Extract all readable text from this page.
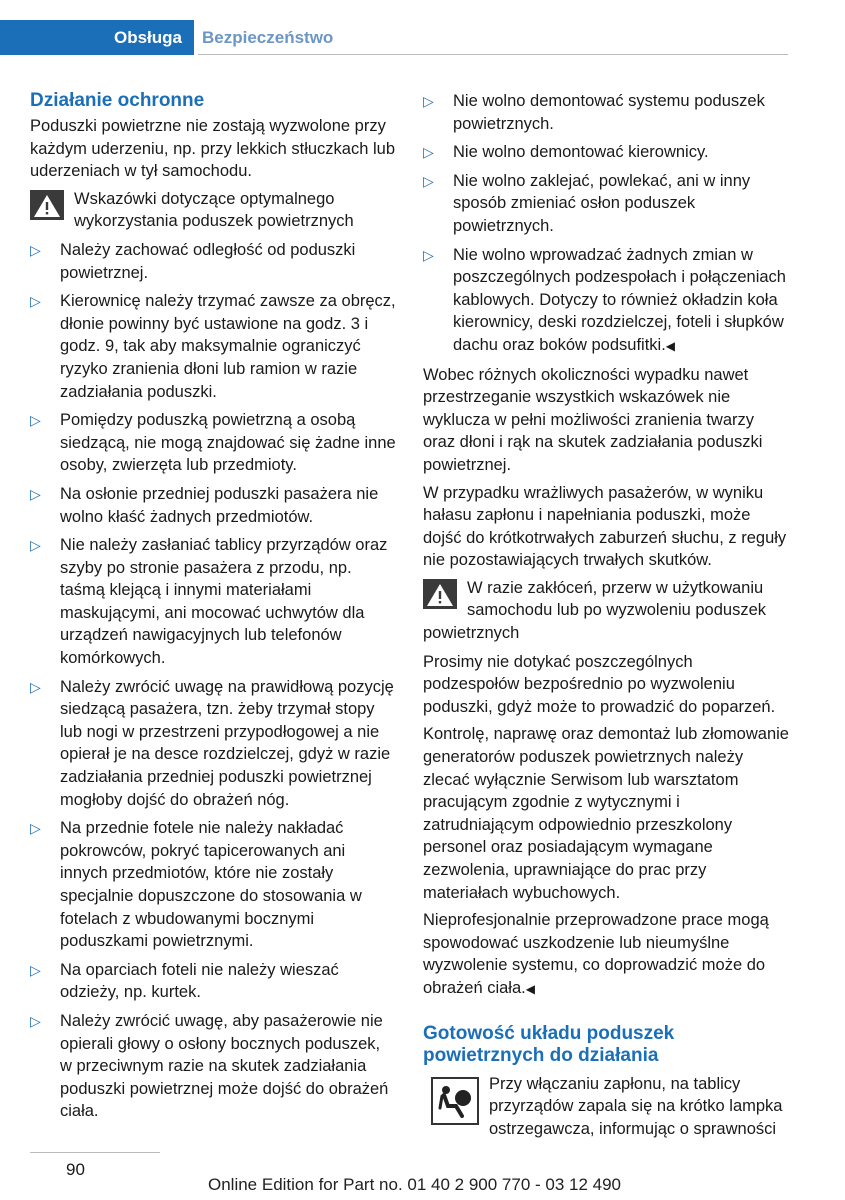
Obsługa	Bezpieczeństwo
Działanie ochronne

Poduszki powietrzne nie zostają wyzwolone przy każdym uderzeniu, np. przy lekkich stłuczkach lub uderzeniach w tył samochodu.

Wskazówki dotyczące optymalnego wykorzystania poduszek powietrznych
▷ Należy zachować odległość od poduszki powietrznej.
▷ Kierownicę należy trzymać zawsze za obręcz, dłonie powinny być ustawione na godz. 3 i godz. 9, tak aby maksymalnie ograniczyć ryzyko zranienia dłoni lub ramion w razie zadziałania poduszki.
▷ Pomiędzy poduszką powietrzną a osobą siedzącą, nie mogą znajdować się żadne inne osoby, zwierzęta lub przedmioty.
▷ Na osłonie przedniej poduszki pasażera nie wolno kłaść żadnych przedmiotów.
▷ Nie należy zasłaniać tablicy przyrządów oraz szyby po stronie pasażera z przodu, np. taśmą klejącą i innymi materiałami maskującymi, ani mocować uchwytów dla urządzeń nawigacyjnych lub telefonów komórkowych.
▷ Należy zwrócić uwagę na prawidłową pozycję siedzącą pasażera, tzn. żeby trzymał stopy lub nogi w przestrzeni przypodłogowej a nie opierał je na desce rozdzielczej, gdyż w razie zadziałania przedniej poduszki powietrznej mogłoby dojść do obrażeń nóg.
▷ Na przednie fotele nie należy nakładać pokrowców, pokryć tapicerowanych ani innych przedmiotów, które nie zostały specjalnie dopuszczone do stosowania w fotelach z wbudowanymi bocznymi poduszkami powietrznymi.
▷ Na oparciach foteli nie należy wieszać odzieży, np. kurtek.
▷ Należy zwrócić uwagę, aby pasażerowie nie opierali głowy o osłony bocznych poduszek, w przeciwnym razie na skutek zadziałania poduszki powietrznej może dojść do obrażeń ciała.
▷ Nie wolno demontować systemu poduszek powietrznych.
▷ Nie wolno demontować kierownicy.
▷ Nie wolno zaklejać, powlekać, ani w inny sposób zmieniać osłon poduszek powietrznych.
▷ Nie wolno wprowadzać żadnych zmian w poszczególnych podzespołach i połączeniach kablowych. Dotyczy to również okładzin koła kierownicy, deski rozdzielczej, foteli i słupków dachu oraz boków podsufitki.◀

Wobec różnych okoliczności wypadku nawet przestrzeganie wszystkich wskazówek nie wyklucza w pełni możliwości zranienia twarzy oraz dłoni i rąk na skutek zadziałania poduszki powietrznej.

W przypadku wrażliwych pasażerów, w wyniku hałasu zapłonu i napełniania poduszki, może dojść do krótkotrwałych zaburzeń słuchu, z reguły nie pozostawiających trwałych skutków.

W razie zakłóceń, przerw w użytkowaniu samochodu lub po wyzwoleniu poduszek powietrznych

Prosimy nie dotykać poszczególnych podzespołów bezpośrednio po wyzwoleniu poduszki, gdyż może to prowadzić do poparzeń.

Kontrolę, naprawę oraz demontaż lub złomowanie generatorów poduszek powietrznych należy zlecać wyłącznie Serwisom lub warsztatom pracującym zgodnie z wytycznymi i zatrudniającym odpowiednio przeszkolony personel oraz posiadającym wymagane zezwolenia, uprawniające do prac przy materiałach wybuchowych.

Nieprofesjonalnie przeprowadzone prace mogą spowodować uszkodzenie lub nieumyślne wyzwolenie systemu, co doprowadzić może do obrażeń ciała.◀

Gotowość układu poduszek powietrznych do działania
Przy włączaniu zapłonu, na tablicy przyrządów zapala się na krótko lampka ostrzegawcza, informując o sprawności
90
Online Edition for Part no. 01 40 2 900 770 - 03 12 490
